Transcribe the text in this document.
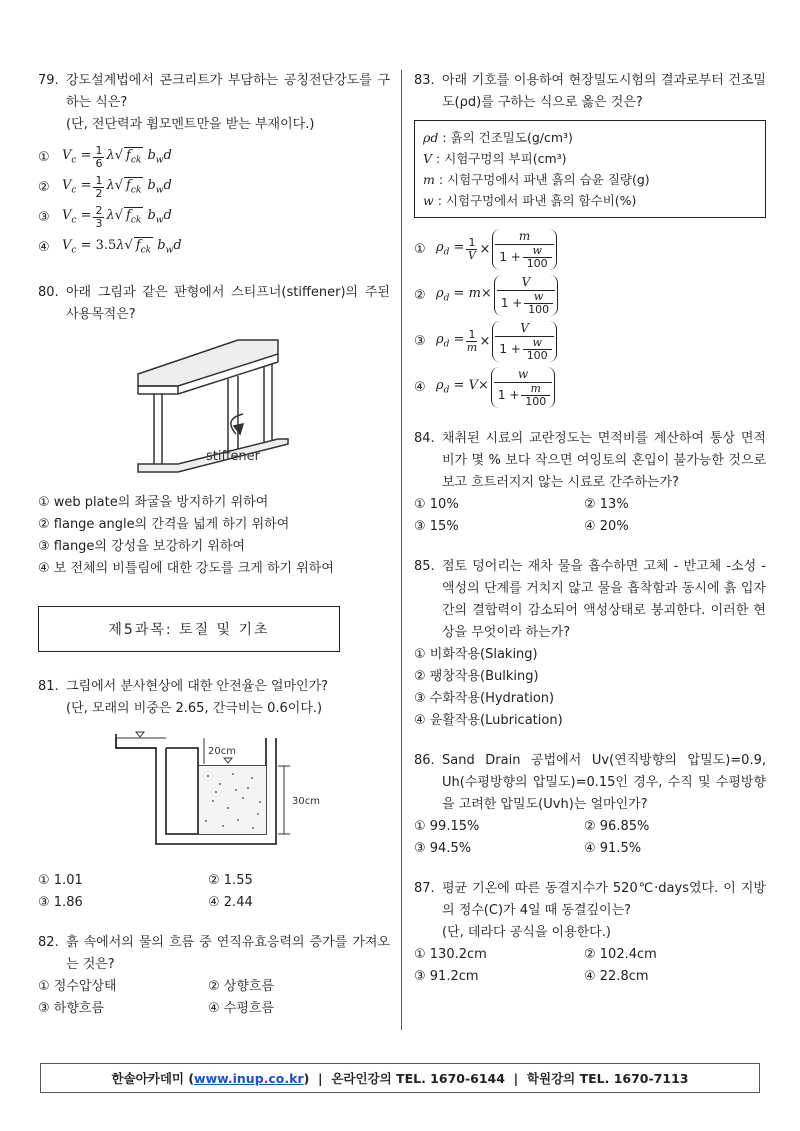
79. 강도설계법에서 콘크리트가 부담하는 공칭전단강도를 구하는 식은?
(단, 전단력과 휨모멘트만을 받는 부재이다.)
① $V_c = \frac{1}{6} \lambda√$ $f_{ck}$ $b_wd$
② $V_c = \frac{1}{2} \lambda√$ $f_{ck}$ $b_wd$
③ $V_c = \frac{2}{3} \lambda√$ $f_{ck}$ $b_wd$
④ $V_c = 3.5\lambda√$ $f_{ck}$ $b_wd$
80. 아래 그림과 같은 판형에서 스티프너(stiffener)의 주된 사용목적은?
stiffener
① web plate의 좌굴을 방지하기 위하여
② flange angle의 간격을 넓게 하기 위하여
③ flange의 강성을 보강하기 위하여
④ 보 전체의 비틀림에 대한 강도를 크게 하기 위하여
제5과목: 토질 및 기초
81. 그림에서 분사현상에 대한 안전율은 얼마인가?
(단, 모래의 비중은 2.65, 간극비는 0.6이다.)
20cm
30cm
① 1.01	② 1.55
③ 1.86	④ 2.44
82. 흙 속에서의 물의 흐름 중 연직유효응력의 증가를 가져오는 것은?
① 정수압상태	② 상향흐름
③ 하향흐름	④ 수평흐름
83. 아래 기호를 이용하여 현장밀도시험의 결과로부터 건조밀도(ρd)를 구하는 식으로 옳은 것은?
ρd : 흙의 건조밀도(g/cm³)
V : 시험구멍의 부피(cm³)
m : 시험구멍에서 파낸 흙의 습윤 질량(g)
w : 시험구멍에서 파낸 흙의 함수비(%)
① $\rho_d = \frac{1}{V}$ ×
m
$1 + \frac{w}{100}$
② $\rho_d = m\times$
V
$1 + \frac{w}{100}$
③ $\rho_d = \frac{1}{m}$ ×
V
$1 + \frac{w}{100}$
④ $\rho_d = V\times$
w
$1 + \frac{m}{100}$
84. 채취된 시료의 교란정도는 면적비를 계산하여 통상 면적비가 몇 % 보다 작으면 여잉토의 혼입이 불가능한 것으로 보고 흐트러지지 않는 시료로 간주하는가?
① 10%	② 13%
③ 15%	④ 20%
85. 점토 덩어리는 재차 물을 흡수하면 고체 - 반고체 -소성 - 액성의 단계를 거치지 않고 물을 흡착함과 동시에 흙 입자 간의 결합력이 감소되어 액성상태로 붕괴한다. 이러한 현상을 무엇이라 하는가?
① 비화작용(Slaking)
② 팽창작용(Bulking)
③ 수화작용(Hydration)
④ 윤활작용(Lubrication)
86. Sand Drain 공법에서 Uv(연직방향의 압밀도)=0.9, Uh(수평방향의 압밀도)=0.15인 경우, 수직 및 수평방향을 고려한 압밀도(Uvh)는 얼마인가?
① 99.15%	② 96.85%
③ 94.5%	④ 91.5%
87. 평균 기온에 따른 동결지수가 520℃·days였다. 이 지방의 정수(C)가 4일 때 동결깊이는?
(단, 데라다 공식을 이용한다.)
① 130.2cm	② 102.4cm
③ 91.2cm	④ 22.8cm
한솔아카데미 ( www.inup.co.kr )  |  온라인강의 TEL. 1670-6144  |  학원강의 TEL. 1670-7113
